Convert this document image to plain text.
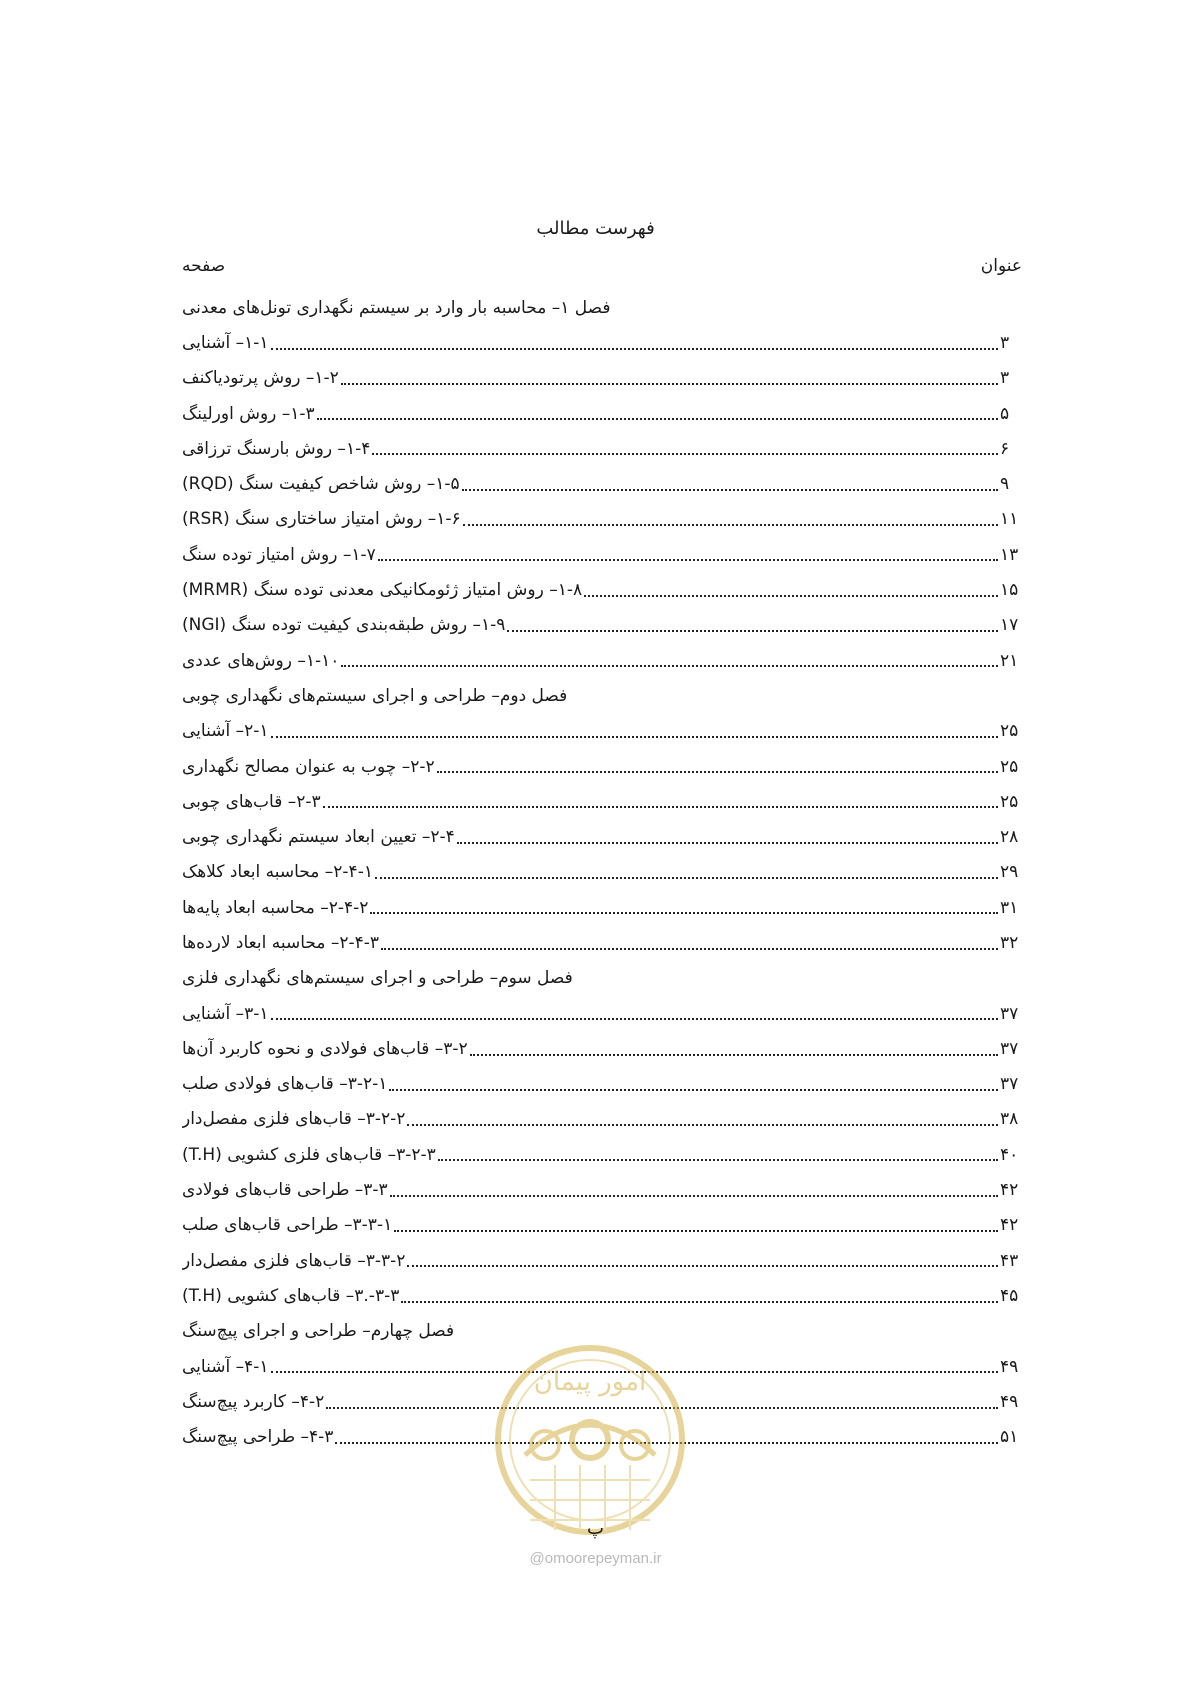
فهرست مطالب
عنوان
صفحه
فصل ۱– محاسبه بار وارد بر سیستم نگهداری تونل‌های معدنی
۱-۱– آشنایی	۳
۱-۲– روش پرتودیاکنف	۳
۱-۳– روش اورلینگ	۵
۱-۴– روش بارسنگ ترزاقی	۶
۱-۵– روش شاخص کیفیت سنگ (RQD)	۹
۱-۶– روش امتیاز ساختاری سنگ (RSR)	۱۱
۱-۷– روش امتیاز توده سنگ	۱۳
۱-۸– روش امتیاز ژئومکانیکی معدنی توده سنگ (MRMR)	۱۵
۱-۹– روش طبقه‌بندی کیفیت توده سنگ (NGI)	۱۷
۱-۱۰– روش‌های عددی	۲۱
فصل دوم– طراحی و اجرای سیستم‌های نگهداری چوبی
۲-۱– آشنایی	۲۵
۲-۲– چوب به عنوان مصالح نگهداری	۲۵
۲-۳– قاب‌های چوبی	۲۵
۲-۴– تعیین ابعاد سیستم نگهداری چوبی	۲۸
۲-۴-۱– محاسبه ابعاد کلاهک	۲۹
۲-۴-۲– محاسبه ابعاد پایه‌ها	۳۱
۲-۴-۳– محاسبه ابعاد لارده‌ها	۳۲
فصل سوم– طراحی و اجرای سیستم‌های نگهداری فلزی
۳-۱– آشنایی	۳۷
۳-۲– قاب‌های فولادی و نحوه کاربرد آن‌ها	۳۷
۳-۲-۱– قاب‌های فولادی صلب	۳۷
۳-۲-۲– قاب‌های فلزی مفصل‌دار	۳۸
۳-۲-۳– قاب‌های فلزی کشویی (T.H)	۴۰
۳-۳– طراحی قاب‌های فولادی	۴۲
۳-۳-۱– طراحی قاب‌های صلب	۴۲
۳-۳-۲– قاب‌های فلزی مفصل‌دار	۴۳
۳-۳-.۳– قاب‌های کشویی (T.H)	۴۵
فصل چهارم– طراحی و اجرای پیچ‌سنگ
۴-۱– آشنایی	۴۹
۴-۲– کاربرد پیچ‌سنگ	۴۹
۴-۳– طراحی پیچ‌سنگ	۵۱
امور پیمان
پ
@omoorepeyman.ir
